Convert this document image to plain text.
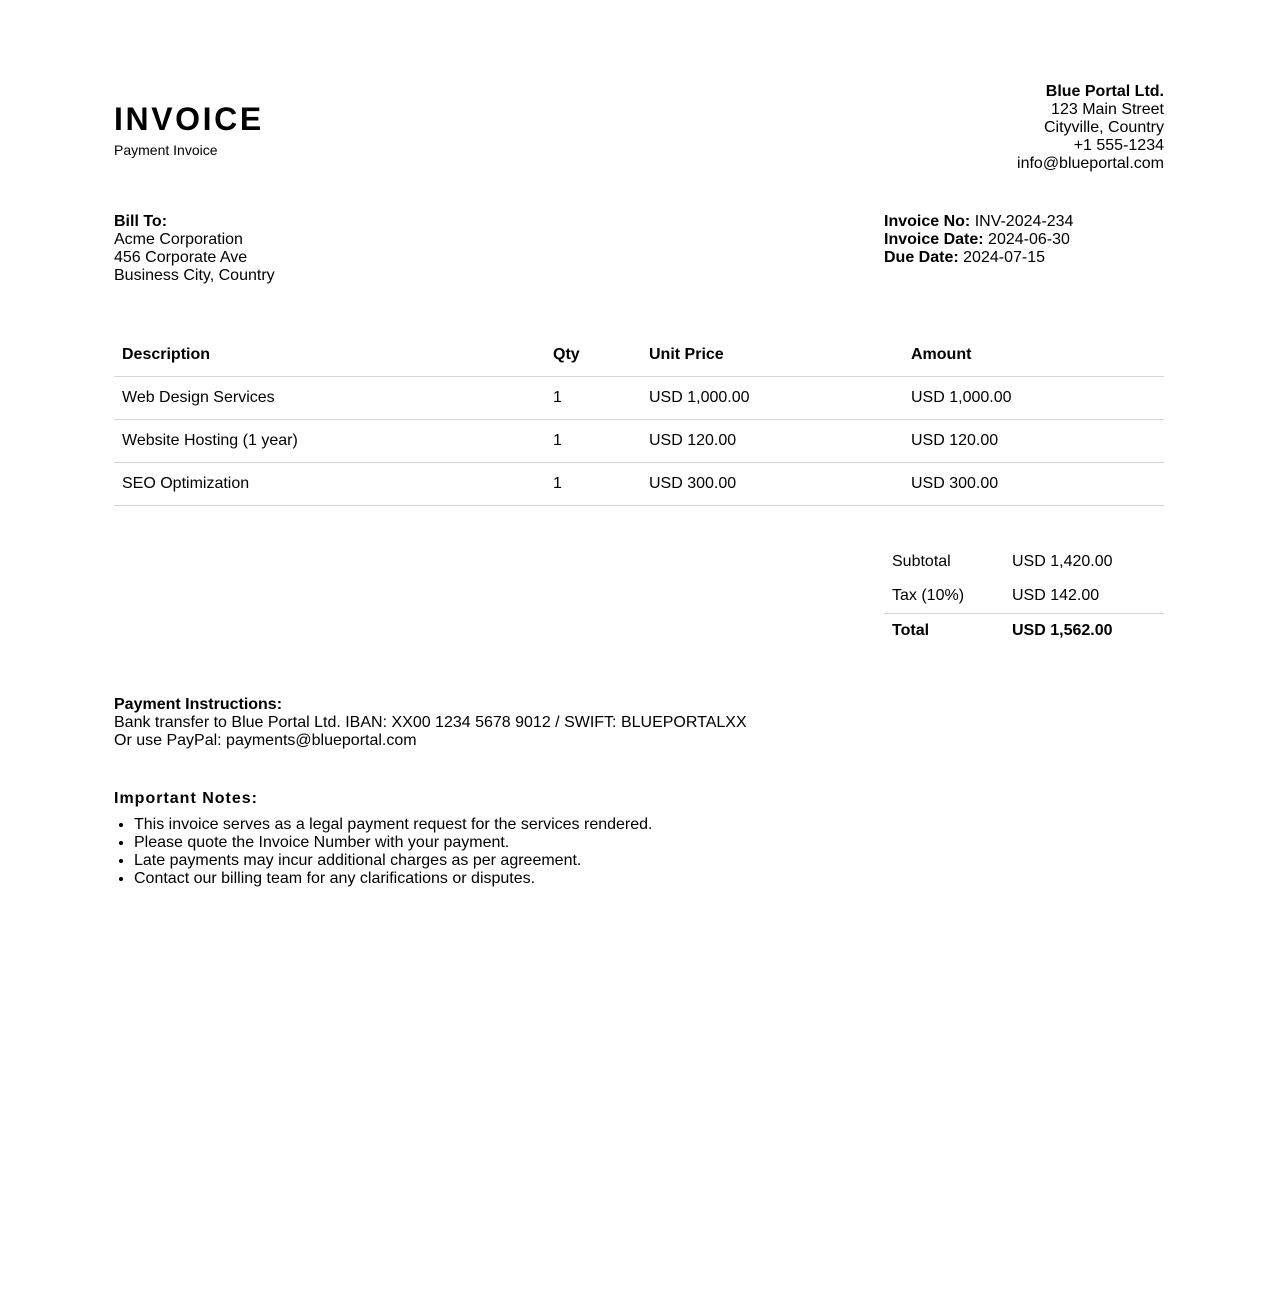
INVOICE
Payment Invoice
Blue Portal Ltd.
123 Main Street
Cityville, Country
+1 555-1234
info@blueportal.com
Bill To:
Acme Corporation
456 Corporate Ave
Business City, Country
Invoice No: INV-2024-234
Invoice Date: 2024-06-30
Due Date: 2024-07-15
Description	Qty	Unit Price	Amount
Web Design Services	1	USD 1,000.00	USD 1,000.00
Website Hosting (1 year)	1	USD 120.00	USD 120.00
SEO Optimization	1	USD 300.00	USD 300.00
Subtotal	USD 1,420.00
Tax (10%)	USD 142.00
Total	USD 1,562.00
Payment Instructions:
Bank transfer to Blue Portal Ltd. IBAN: XX00 1234 5678 9012 / SWIFT: BLUEPORTALXX
Or use PayPal: payments@blueportal.com
Important Notes:
• This invoice serves as a legal payment request for the services rendered.
• Please quote the Invoice Number with your payment.
• Late payments may incur additional charges as per agreement.
• Contact our billing team for any clarifications or disputes.
